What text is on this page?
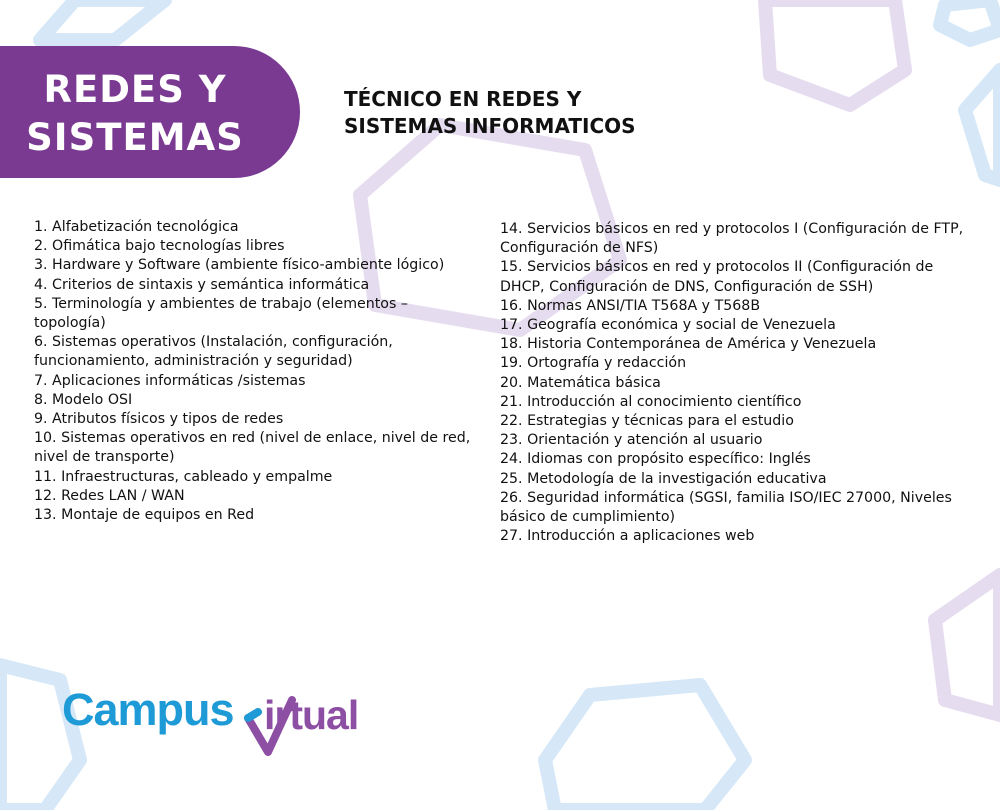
REDES Y
SISTEMAS
TÉCNICO EN REDES Y
SISTEMAS INFORMATICOS
1. Alfabetización tecnológica
2. Ofimática bajo tecnologías libres
3. Hardware y Software (ambiente físico-ambiente lógico)
4. Criterios de sintaxis y semántica informática
5. Terminología y ambientes de trabajo (elementos – topología)
6. Sistemas operativos (Instalación, configuración, funcionamiento, administración y seguridad)
7. Aplicaciones informáticas /sistemas
8. Modelo OSI
9. Atributos físicos y tipos de redes
10. Sistemas operativos en red (nivel de enlace, nivel de red, nivel de transporte)
11. Infraestructuras, cableado y empalme
12. Redes LAN / WAN
13. Montaje de equipos en Red
14. Servicios básicos en red y protocolos I (Configuración de FTP, Configuración de NFS)
15. Servicios básicos en red y protocolos II (Configuración de DHCP, Configuración de DNS, Configuración de SSH)
16. Normas ANSI/TIA T568A y T568B
17. Geografía económica y social de Venezuela
18. Historia Contemporánea de América y Venezuela
19. Ortografía y redacción
20. Matemática básica
21. Introducción al conocimiento científico
22. Estrategias y técnicas para el estudio
23. Orientación y atención al usuario
24. Idiomas con propósito específico: Inglés
25. Metodología de la investigación educativa
26. Seguridad informática (SGSI, familia ISO/IEC 27000, Niveles básico de cumplimiento)
27. Introducción a aplicaciones web
Campus irtual
